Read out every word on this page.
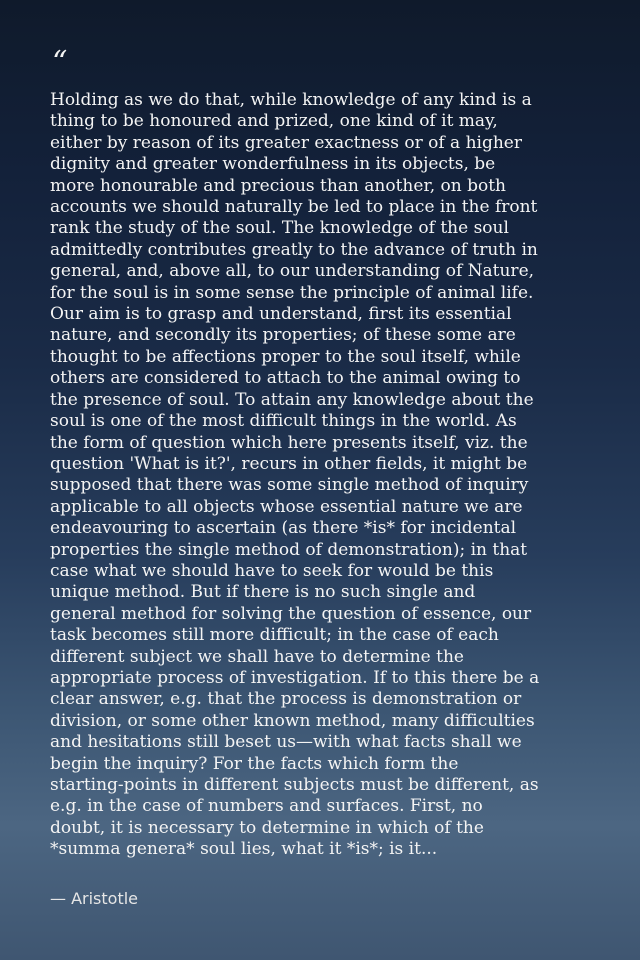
“
Holding as we do that, while knowledge of any kind is a
thing to be honoured and prized, one kind of it may,
either by reason of its greater exactness or of a higher
dignity and greater wonderfulness in its objects, be
more honourable and precious than another, on both
accounts we should naturally be led to place in the front
rank the study of the soul. The knowledge of the soul
admittedly contributes greatly to the advance of truth in
general, and, above all, to our understanding of Nature,
for the soul is in some sense the principle of animal life.
Our aim is to grasp and understand, first its essential
nature, and secondly its properties; of these some are
thought to be affections proper to the soul itself, while
others are considered to attach to the animal owing to
the presence of soul. To attain any knowledge about the
soul is one of the most difficult things in the world. As
the form of question which here presents itself, viz. the
question 'What is it?', recurs in other fields, it might be
supposed that there was some single method of inquiry
applicable to all objects whose essential nature we are
endeavouring to ascertain (as there *is* for incidental
properties the single method of demonstration); in that
case what we should have to seek for would be this
unique method. But if there is no such single and
general method for solving the question of essence, our
task becomes still more difficult; in the case of each
different subject we shall have to determine the
appropriate process of investigation. If to this there be a
clear answer, e.g. that the process is demonstration or
division, or some other known method, many difficulties
and hesitations still beset us—with what facts shall we
begin the inquiry? For the facts which form the
starting-points in different subjects must be different, as
e.g. in the case of numbers and surfaces. First, no
doubt, it is necessary to determine in which of the
*summa genera* soul lies, what it *is*; is it...
— Aristotle
